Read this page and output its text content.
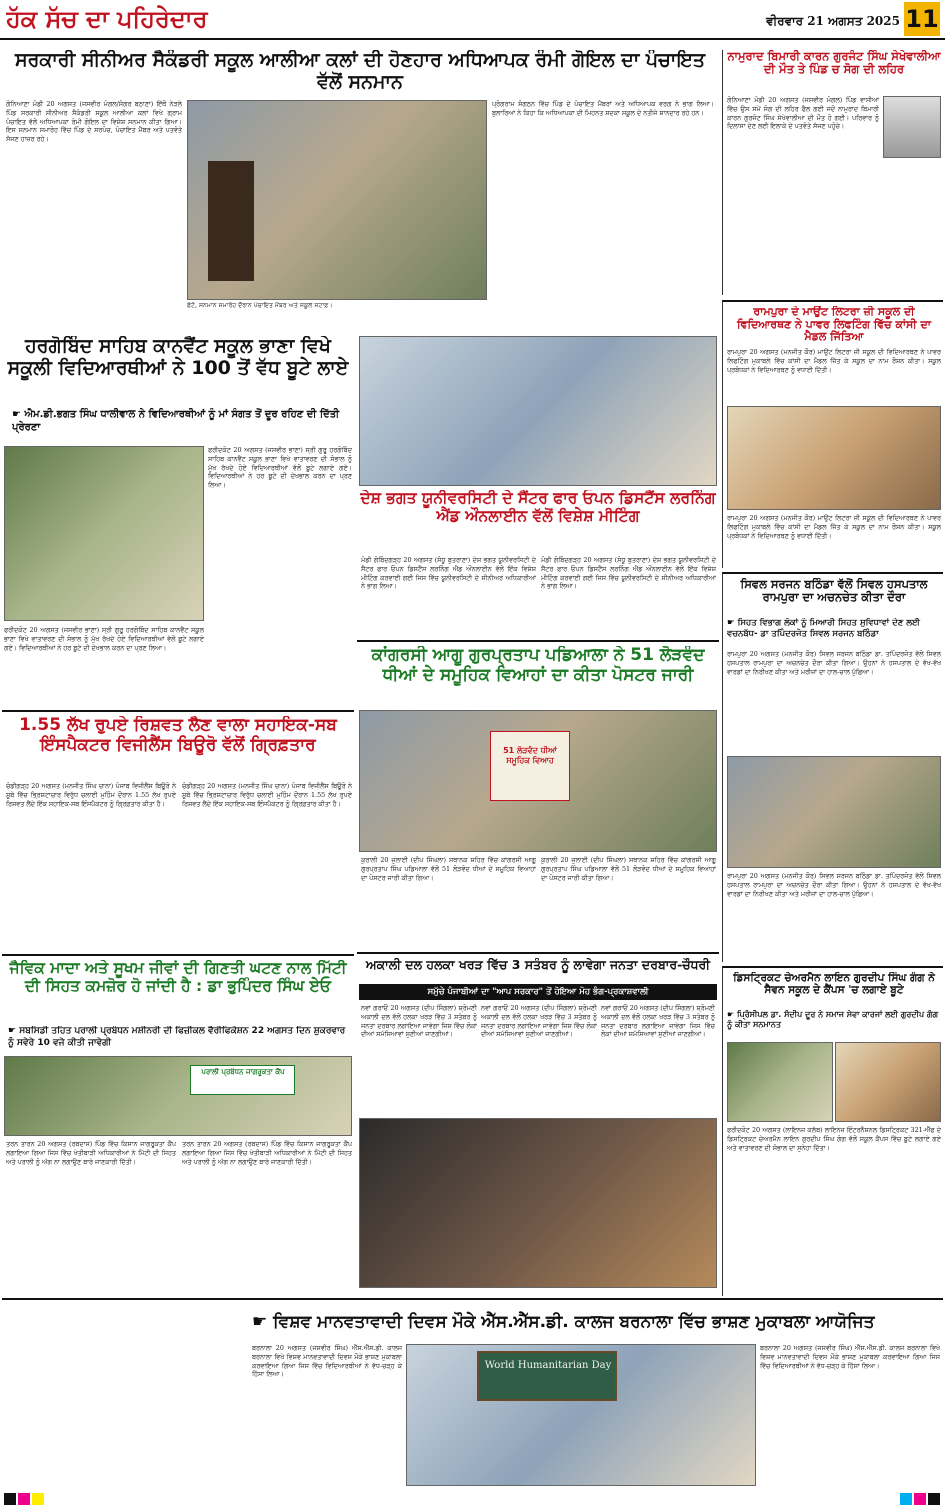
ਹੱਕ ਸੱਚ ਦਾ ਪਹਿਰੇਦਾਰ	ਵੀਰਵਾਰ 21 ਅਗਸਤ 2025 11
ਸਰਕਾਰੀ ਸੀਨੀਅਰ ਸੈਕੰਡਰੀ ਸਕੂਲ ਆਲੀਆ ਕਲਾਂ ਦੀ ਹੋਣਹਾਰ ਅਧਿਆਪਕ ਰੰਮੀ ਗੋਇਲ ਦਾ ਪੰਚਾਇਤ ਵੱਲੋਂ ਸਨਮਾਨ
ਗੋਨਿਆਣਾ ਮੰਡੀ 20 ਅਗਸਤ (ਜਸਵੀਰ ਮੰਗਲ/ਸੰਗਰ ਬਠਾਣਾ) ਇੱਥੋਂ ਨੇੜਲੇ ਪਿੰਡ ਸਰਕਾਰੀ ਸੀਨੀਅਰ ਸੈਕੰਡਰੀ ਸਕੂਲ ਆਲੀਆ ਕਲਾਂ ਵਿਖੇ ਗ੍ਰਾਮ ਪੰਚਾਇਤ ਵੱਲੋਂ ਅਧਿਆਪਕਾ ਰੰਮੀ ਗੋਇਲ ਦਾ ਵਿਸ਼ੇਸ਼ ਸਨਮਾਨ ਕੀਤਾ ਗਿਆ। ਇਸ ਸਨਮਾਨ ਸਮਾਰੋਹ ਵਿੱਚ ਪਿੰਡ ਦੇ ਸਰਪੰਚ, ਪੰਚਾਇਤ ਮੈਂਬਰ ਅਤੇ ਪਤਵੰਤੇ ਸੱਜਣ ਹਾਜ਼ਰ ਰਹੇ।
ਫੋਟੋ, ਸਨਮਾਨ ਸਮਾਰੋਹ ਦੌਰਾਨ ਪੰਚਾਇਤ ਮੈਂਬਰ ਅਤੇ ਸਕੂਲ ਸਟਾਫ਼।
ਪ੍ਰੋਗਰਾਮ ਸੰਗਠਨ ਵਿੱਚ ਪਿੰਡ ਦੇ ਪੰਚਾਇਤ ਮੈਂਬਰਾਂ ਅਤੇ ਅਧਿਆਪਕ ਵਰਗ ਨੇ ਭਾਗ ਲਿਆ। ਬੁਲਾਰਿਆਂ ਨੇ ਕਿਹਾ ਕਿ ਅਧਿਆਪਕਾ ਦੀ ਮਿਹਨਤ ਸਦਕਾ ਸਕੂਲ ਦੇ ਨਤੀਜੇ ਸ਼ਾਨਦਾਰ ਰਹੇ ਹਨ।
ਨਾਮੁਰਾਦ ਬਿਮਾਰੀ ਕਾਰਨ ਗੁਰਜੰਟ ਸਿੰਘ ਸੇਖੇਵਾਲੀਆ ਦੀ ਮੌਤ ਤੇ ਪਿੰਡ ਚ ਸੋਗ ਦੀ ਲਹਿਰ
ਗੋਨਿਆਣਾ ਮੰਡੀ 20 ਅਗਸਤ (ਜਸਵੀਰ ਮੰਗਲ) ਪਿੰਡ ਵਾਸੀਆਂ ਵਿੱਚ ਉਸ ਸਮੇਂ ਸੋਗ ਦੀ ਲਹਿਰ ਫੈਲ ਗਈ ਜਦੋਂ ਨਾਮੁਰਾਦ ਬਿਮਾਰੀ ਕਾਰਨ ਗੁਰਜੰਟ ਸਿੰਘ ਸੇਖੇਵਾਲੀਆ ਦੀ ਮੌਤ ਹੋ ਗਈ। ਪਰਿਵਾਰ ਨੂੰ ਦਿਲਾਸਾ ਦੇਣ ਲਈ ਇਲਾਕੇ ਦੇ ਪਤਵੰਤੇ ਸੱਜਣ ਪਹੁੰਚੇ।
ਹਰਗੋਬਿੰਦ ਸਾਹਿਬ ਕਾਨਵੈਂਟ ਸਕੂਲ ਭਾਣਾ ਵਿਖੇ ਸਕੂਲੀ ਵਿਦਿਆਰਥੀਆਂ ਨੇ 100 ਤੋਂ ਵੱਧ ਬੂਟੇ ਲਾਏ
☛ ਐਮ.ਡੀ.ਭਗਤ ਸਿੰਘ ਧਾਲੀਵਾਲ ਨੇ ਵਿਦਿਆਰਥੀਆਂ ਨੂੰ ਮਾਂ ਸੰਗਤ ਤੋਂ ਦੂਰ ਰਹਿਣ ਦੀ ਦਿੱਤੀ ਪ੍ਰੇਰਣਾ
ਫਰੀਦਕੋਟ 20 ਅਗਸਤ (ਜਸਵੀਰ ਭਾਣਾ) ਸ੍ਰੀ ਗੁਰੂ ਹਰਗੋਬਿੰਦ ਸਾਹਿਬ ਕਾਨਵੈਂਟ ਸਕੂਲ ਭਾਣਾ ਵਿਖੇ ਵਾਤਾਵਰਣ ਦੀ ਸੰਭਾਲ ਨੂੰ ਮੁੱਖ ਰੱਖਦੇ ਹੋਏ ਵਿਦਿਆਰਥੀਆਂ ਵੱਲੋਂ ਬੂਟੇ ਲਗਾਏ ਗਏ। ਵਿਦਿਆਰਥੀਆਂ ਨੇ ਹਰ ਬੂਟੇ ਦੀ ਦੇਖਭਾਲ ਕਰਨ ਦਾ ਪ੍ਰਣ ਲਿਆ।
ਫਰੀਦਕੋਟ 20 ਅਗਸਤ (ਜਸਵੀਰ ਭਾਣਾ) ਸ੍ਰੀ ਗੁਰੂ ਹਰਗੋਬਿੰਦ ਸਾਹਿਬ ਕਾਨਵੈਂਟ ਸਕੂਲ ਭਾਣਾ ਵਿਖੇ ਵਾਤਾਵਰਣ ਦੀ ਸੰਭਾਲ ਨੂੰ ਮੁੱਖ ਰੱਖਦੇ ਹੋਏ ਵਿਦਿਆਰਥੀਆਂ ਵੱਲੋਂ ਬੂਟੇ ਲਗਾਏ ਗਏ। ਵਿਦਿਆਰਥੀਆਂ ਨੇ ਹਰ ਬੂਟੇ ਦੀ ਦੇਖਭਾਲ ਕਰਨ ਦਾ ਪ੍ਰਣ ਲਿਆ।
ਦੇਸ਼ ਭਗਤ ਯੂਨੀਵਰਸਿਟੀ ਦੇ ਸੈਂਟਰ ਫਾਰ ਓਪਨ ਡਿਸਟੈਂਸ ਲਰਨਿੰਗ ਐਂਡ ਔਨਲਾਈਨ ਵੱਲੋਂ ਵਿਸ਼ੇਸ਼ ਮੀਟਿੰਗ
ਮੰਡੀ ਗੋਬਿੰਦਗੜ੍ਹ 20 ਅਗਸਤ (ਸੰਧੂ ਬੁਤਰਾਣਾ) ਦੇਸ਼ ਭਗਤ ਯੂਨੀਵਰਸਿਟੀ ਦੇ ਸੈਂਟਰ ਫਾਰ ਓਪਨ ਡਿਸਟੈਂਸ ਲਰਨਿੰਗ ਐਂਡ ਔਨਲਾਈਨ ਵੱਲੋਂ ਇੱਕ ਵਿਸ਼ੇਸ਼ ਮੀਟਿੰਗ ਕਰਵਾਈ ਗਈ ਜਿਸ ਵਿੱਚ ਯੂਨੀਵਰਸਿਟੀ ਦੇ ਸੀਨੀਅਰ ਅਧਿਕਾਰੀਆਂ ਨੇ ਭਾਗ ਲਿਆ।
ਮੰਡੀ ਗੋਬਿੰਦਗੜ੍ਹ 20 ਅਗਸਤ (ਸੰਧੂ ਬੁਤਰਾਣਾ) ਦੇਸ਼ ਭਗਤ ਯੂਨੀਵਰਸਿਟੀ ਦੇ ਸੈਂਟਰ ਫਾਰ ਓਪਨ ਡਿਸਟੈਂਸ ਲਰਨਿੰਗ ਐਂਡ ਔਨਲਾਈਨ ਵੱਲੋਂ ਇੱਕ ਵਿਸ਼ੇਸ਼ ਮੀਟਿੰਗ ਕਰਵਾਈ ਗਈ ਜਿਸ ਵਿੱਚ ਯੂਨੀਵਰਸਿਟੀ ਦੇ ਸੀਨੀਅਰ ਅਧਿਕਾਰੀਆਂ ਨੇ ਭਾਗ ਲਿਆ।
ਰਾਮਪੁਰਾ ਦੇ ਮਾਉਂਟ ਲਿਟਰਾ ਜ਼ੀ ਸਕੂਲ ਦੀ ਵਿਦਿਆਰਥਣ ਨੇ ਪਾਵਰ ਲਿਫਟਿੰਗ ਵਿੱਚ ਕਾਂਸੀ ਦਾ ਮੈਡਲ ਜਿੱਤਿਆ
ਰਾਮਪੁਰਾ 20 ਅਗਸਤ (ਮਨਜੀਤ ਕੌਰ) ਮਾਉਂਟ ਲਿਟਰਾ ਜ਼ੀ ਸਕੂਲ ਦੀ ਵਿਦਿਆਰਥਣ ਨੇ ਪਾਵਰ ਲਿਫਟਿੰਗ ਮੁਕਾਬਲੇ ਵਿੱਚ ਕਾਂਸੀ ਦਾ ਮੈਡਲ ਜਿੱਤ ਕੇ ਸਕੂਲ ਦਾ ਨਾਮ ਰੌਸ਼ਨ ਕੀਤਾ। ਸਕੂਲ ਪ੍ਰਬੰਧਕਾਂ ਨੇ ਵਿਦਿਆਰਥਣ ਨੂੰ ਵਧਾਈ ਦਿੱਤੀ।
ਰਾਮਪੁਰਾ 20 ਅਗਸਤ (ਮਨਜੀਤ ਕੌਰ) ਮਾਉਂਟ ਲਿਟਰਾ ਜ਼ੀ ਸਕੂਲ ਦੀ ਵਿਦਿਆਰਥਣ ਨੇ ਪਾਵਰ ਲਿਫਟਿੰਗ ਮੁਕਾਬਲੇ ਵਿੱਚ ਕਾਂਸੀ ਦਾ ਮੈਡਲ ਜਿੱਤ ਕੇ ਸਕੂਲ ਦਾ ਨਾਮ ਰੌਸ਼ਨ ਕੀਤਾ। ਸਕੂਲ ਪ੍ਰਬੰਧਕਾਂ ਨੇ ਵਿਦਿਆਰਥਣ ਨੂੰ ਵਧਾਈ ਦਿੱਤੀ।
ਸਿਵਲ ਸਰਜਨ ਬਠਿੰਡਾ ਵੱਲੋਂ ਸਿਵਲ ਹਸਪਤਾਲ ਰਾਮਪੁਰਾ ਦਾ ਅਚਨਚੇਤ ਕੀਤਾ ਦੌਰਾ
☛ ਸਿਹਤ ਵਿਭਾਗ ਲੋਕਾਂ ਨੂੰ ਮਿਆਰੀ ਸਿਹਤ ਸੁਵਿਧਾਵਾਂ ਦੇਣ ਲਈ ਵਚਨਬੱਧ- ਡਾ ਤਪਿੰਦਰਜੋਤ ਸਿਵਲ ਸਰਜਨ ਬਠਿੰਡਾ
ਰਾਮਪੁਰਾ 20 ਅਗਸਤ (ਮਨਜੀਤ ਕੌਰ) ਸਿਵਲ ਸਰਜਨ ਬਠਿੰਡਾ ਡਾ. ਤਪਿੰਦਰਜੋਤ ਵੱਲੋਂ ਸਿਵਲ ਹਸਪਤਾਲ ਰਾਮਪੁਰਾ ਦਾ ਅਚਨਚੇਤ ਦੌਰਾ ਕੀਤਾ ਗਿਆ। ਉਹਨਾਂ ਨੇ ਹਸਪਤਾਲ ਦੇ ਵੱਖ-ਵੱਖ ਵਾਰਡਾਂ ਦਾ ਨਿਰੀਖਣ ਕੀਤਾ ਅਤੇ ਮਰੀਜ਼ਾਂ ਦਾ ਹਾਲ-ਚਾਲ ਪੁੱਛਿਆ।
ਰਾਮਪੁਰਾ 20 ਅਗਸਤ (ਮਨਜੀਤ ਕੌਰ) ਸਿਵਲ ਸਰਜਨ ਬਠਿੰਡਾ ਡਾ. ਤਪਿੰਦਰਜੋਤ ਵੱਲੋਂ ਸਿਵਲ ਹਸਪਤਾਲ ਰਾਮਪੁਰਾ ਦਾ ਅਚਨਚੇਤ ਦੌਰਾ ਕੀਤਾ ਗਿਆ। ਉਹਨਾਂ ਨੇ ਹਸਪਤਾਲ ਦੇ ਵੱਖ-ਵੱਖ ਵਾਰਡਾਂ ਦਾ ਨਿਰੀਖਣ ਕੀਤਾ ਅਤੇ ਮਰੀਜ਼ਾਂ ਦਾ ਹਾਲ-ਚਾਲ ਪੁੱਛਿਆ।
ਕਾਂਗਰਸੀ ਆਗੂ ਗੁਰਪ੍ਰਤਾਪ ਪਡਿਆਲਾ ਨੇ 51 ਲੋੜਵੰਦ ਧੀਆਂ ਦੇ ਸਮੂਹਿਕ ਵਿਆਹਾਂ ਦਾ ਕੀਤਾ ਪੋਸਟਰ ਜਾਰੀ
51 ਲੋੜਵੰਦ ਧੀਆਂ ਸਮੂਹਿਕ ਵਿਆਹ
ਕੁਰਾਲੀ 20 ਜੁਲਾਈ (ਦੀਪ ਸਿੰਘਲਾ) ਸਥਾਨਕ ਸ਼ਹਿਰ ਵਿੱਚ ਕਾਂਗਰਸੀ ਆਗੂ ਗੁਰਪ੍ਰਤਾਪ ਸਿੰਘ ਪਡਿਆਲਾ ਵੱਲੋਂ 51 ਲੋੜਵੰਦ ਧੀਆਂ ਦੇ ਸਮੂਹਿਕ ਵਿਆਹਾਂ ਦਾ ਪੋਸਟਰ ਜਾਰੀ ਕੀਤਾ ਗਿਆ।
ਕੁਰਾਲੀ 20 ਜੁਲਾਈ (ਦੀਪ ਸਿੰਘਲਾ) ਸਥਾਨਕ ਸ਼ਹਿਰ ਵਿੱਚ ਕਾਂਗਰਸੀ ਆਗੂ ਗੁਰਪ੍ਰਤਾਪ ਸਿੰਘ ਪਡਿਆਲਾ ਵੱਲੋਂ 51 ਲੋੜਵੰਦ ਧੀਆਂ ਦੇ ਸਮੂਹਿਕ ਵਿਆਹਾਂ ਦਾ ਪੋਸਟਰ ਜਾਰੀ ਕੀਤਾ ਗਿਆ।
1.55 ਲੱਖ ਰੁਪਏ ਰਿਸ਼ਵਤ ਲੈਣ ਵਾਲਾ ਸਹਾਇਕ-ਸਬ ਇੰਸਪੈਕਟਰ ਵਿਜੀਲੈਂਸ ਬਿਊਰੋ ਵੱਲੋਂ ਗ੍ਰਿਫ਼ਤਾਰ
ਚੰਡੀਗੜ੍ਹ 20 ਅਗਸਤ (ਮਨਜੀਤ ਸਿੰਘ ਚਾਨਾ) ਪੰਜਾਬ ਵਿਜੀਲੈਂਸ ਬਿਊਰੋ ਨੇ ਸੂਬੇ ਵਿੱਚ ਭ੍ਰਿਸ਼ਟਾਚਾਰ ਵਿਰੁੱਧ ਚਲਾਈ ਮੁਹਿੰਮ ਦੌਰਾਨ 1.55 ਲੱਖ ਰੁਪਏ ਰਿਸ਼ਵਤ ਲੈਂਦੇ ਇੱਕ ਸਹਾਇਕ-ਸਬ ਇੰਸਪੈਕਟਰ ਨੂੰ ਗ੍ਰਿਫ਼ਤਾਰ ਕੀਤਾ ਹੈ।
ਚੰਡੀਗੜ੍ਹ 20 ਅਗਸਤ (ਮਨਜੀਤ ਸਿੰਘ ਚਾਨਾ) ਪੰਜਾਬ ਵਿਜੀਲੈਂਸ ਬਿਊਰੋ ਨੇ ਸੂਬੇ ਵਿੱਚ ਭ੍ਰਿਸ਼ਟਾਚਾਰ ਵਿਰੁੱਧ ਚਲਾਈ ਮੁਹਿੰਮ ਦੌਰਾਨ 1.55 ਲੱਖ ਰੁਪਏ ਰਿਸ਼ਵਤ ਲੈਂਦੇ ਇੱਕ ਸਹਾਇਕ-ਸਬ ਇੰਸਪੈਕਟਰ ਨੂੰ ਗ੍ਰਿਫ਼ਤਾਰ ਕੀਤਾ ਹੈ।
ਜੈਵਿਕ ਮਾਦਾ ਅਤੇ ਸੂਖਮ ਜੀਵਾਂ ਦੀ ਗਿਣਤੀ ਘਟਣ ਨਾਲ ਮਿੱਟੀ ਦੀ ਸਿਹਤ ਕਮਜ਼ੋਰ ਹੋ ਜਾਂਦੀ ਹੈ : ਡਾ ਭੁਪਿੰਦਰ ਸਿੰਘ ਏਓ
☛ ਸਬਸਿਡੀ ਤਹਿਤ ਪਰਾਲੀ ਪ੍ਰਬੰਧਨ ਮਸ਼ੀਨਰੀ ਦੀ ਫਿਜ਼ੀਕਲ ਵੈਰੀਫਿਕੇਸ਼ਨ 22 ਅਗਸਤ ਦਿਨ ਸ਼ੁਕਰਵਾਰ ਨੂੰ ਸਵੇਰੇ 10 ਵਜੇ ਕੀਤੀ ਜਾਵੇਗੀ
ਪਰਾਲੀ ਪ੍ਰਬੰਧਨ ਜਾਗਰੂਕਤਾ ਕੈਂਪ
ਤਰਨ ਤਾਰਨ 20 ਅਗਸਤ (ਰਬਦਾਸ) ਪਿੰਡ ਵਿੱਚ ਕਿਸਾਨ ਜਾਗਰੂਕਤਾ ਕੈਂਪ ਲਗਾਇਆ ਗਿਆ ਜਿਸ ਵਿੱਚ ਖੇਤੀਬਾੜੀ ਅਧਿਕਾਰੀਆਂ ਨੇ ਮਿੱਟੀ ਦੀ ਸਿਹਤ ਅਤੇ ਪਰਾਲੀ ਨੂੰ ਅੱਗ ਨਾ ਲਗਾਉਣ ਬਾਰੇ ਜਾਣਕਾਰੀ ਦਿੱਤੀ।
ਤਰਨ ਤਾਰਨ 20 ਅਗਸਤ (ਰਬਦਾਸ) ਪਿੰਡ ਵਿੱਚ ਕਿਸਾਨ ਜਾਗਰੂਕਤਾ ਕੈਂਪ ਲਗਾਇਆ ਗਿਆ ਜਿਸ ਵਿੱਚ ਖੇਤੀਬਾੜੀ ਅਧਿਕਾਰੀਆਂ ਨੇ ਮਿੱਟੀ ਦੀ ਸਿਹਤ ਅਤੇ ਪਰਾਲੀ ਨੂੰ ਅੱਗ ਨਾ ਲਗਾਉਣ ਬਾਰੇ ਜਾਣਕਾਰੀ ਦਿੱਤੀ।
ਅਕਾਲੀ ਦਲ ਹਲਕਾ ਖਰੜ ਵਿੱਚ 3 ਸਤੰਬਰ ਨੂੰ ਲਾਵੇਗਾ ਜਨਤਾ ਦਰਬਾਰ-ਚੌਧਰੀ
ਸਮੁੱਚੇ ਪੰਜਾਬੀਆਂ ਦਾ "ਆਪ ਸਰਕਾਰ" ਤੋਂ ਹੋਇਆ ਮੋਹ ਭੰਗ-ਪ੍ਰਕਾਸ਼ਵਾਲੀ
ਨਵਾਂ ਗਰਾਓਂ 20 ਅਗਸਤ (ਦੀਪ ਸਿੰਗਲਾ) ਸ਼੍ਰੋਮਣੀ ਅਕਾਲੀ ਦਲ ਵੱਲੋਂ ਹਲਕਾ ਖਰੜ ਵਿੱਚ 3 ਸਤੰਬਰ ਨੂੰ ਜਨਤਾ ਦਰਬਾਰ ਲਗਾਇਆ ਜਾਵੇਗਾ ਜਿਸ ਵਿੱਚ ਲੋਕਾਂ ਦੀਆਂ ਸਮੱਸਿਆਵਾਂ ਸੁਣੀਆਂ ਜਾਣਗੀਆਂ।
ਨਵਾਂ ਗਰਾਓਂ 20 ਅਗਸਤ (ਦੀਪ ਸਿੰਗਲਾ) ਸ਼੍ਰੋਮਣੀ ਅਕਾਲੀ ਦਲ ਵੱਲੋਂ ਹਲਕਾ ਖਰੜ ਵਿੱਚ 3 ਸਤੰਬਰ ਨੂੰ ਜਨਤਾ ਦਰਬਾਰ ਲਗਾਇਆ ਜਾਵੇਗਾ ਜਿਸ ਵਿੱਚ ਲੋਕਾਂ ਦੀਆਂ ਸਮੱਸਿਆਵਾਂ ਸੁਣੀਆਂ ਜਾਣਗੀਆਂ।
ਨਵਾਂ ਗਰਾਓਂ 20 ਅਗਸਤ (ਦੀਪ ਸਿੰਗਲਾ) ਸ਼੍ਰੋਮਣੀ ਅਕਾਲੀ ਦਲ ਵੱਲੋਂ ਹਲਕਾ ਖਰੜ ਵਿੱਚ 3 ਸਤੰਬਰ ਨੂੰ ਜਨਤਾ ਦਰਬਾਰ ਲਗਾਇਆ ਜਾਵੇਗਾ ਜਿਸ ਵਿੱਚ ਲੋਕਾਂ ਦੀਆਂ ਸਮੱਸਿਆਵਾਂ ਸੁਣੀਆਂ ਜਾਣਗੀਆਂ।
ਡਿਸਟ੍ਰਿਕਟ ਚੇਅਰਮੈਨ ਲਾਇਨ ਗੁਰਦੀਪ ਸਿੰਘ ਗੰਗ ਨੇ ਸੈਵਨ ਸਕੂਲ ਦੇ ਕੈਂਪਸ 'ਚ ਲਗਾਏ ਬੂਟੇ
☛ ਪ੍ਰਿੰਸੀਪਲ ਡਾ. ਸੰਦੀਪ ਦੂਰ ਨੇ ਸਮਾਜ ਸੇਵਾ ਕਾਰਜਾਂ ਲਈ ਗੁਰਦੀਪ ਗੰਗ ਨੂੰ ਕੀਤਾ ਸਨਮਾਨਤ
ਫਰੀਦਕੋਟ 20 ਅਗਸਤ (ਲਾਇਨਜ਼ ਕਲੱਬ) ਲਾਇਨਜ਼ ਇੰਟਰਨੈਸ਼ਨਲ ਡਿਸਟ੍ਰਿਕਟ 321-ਐੱਫ ਦੇ ਡਿਸਟ੍ਰਿਕਟ ਚੇਅਰਮੈਨ ਲਾਇਨ ਗੁਰਦੀਪ ਸਿੰਘ ਗੰਗ ਵੱਲੋਂ ਸਕੂਲ ਕੈਂਪਸ ਵਿੱਚ ਬੂਟੇ ਲਗਾਏ ਗਏ ਅਤੇ ਵਾਤਾਵਰਣ ਦੀ ਸੰਭਾਲ ਦਾ ਸੁਨੇਹਾ ਦਿੱਤਾ।
☛ ਵਿਸ਼ਵ ਮਾਨਵਤਾਵਾਦੀ ਦਿਵਸ ਮੌਕੇ ਐੱਸ.ਐੱਸ.ਡੀ. ਕਾਲਜ ਬਰਨਾਲਾ ਵਿੱਚ ਭਾਸ਼ਣ ਮੁਕਾਬਲਾ ਆਯੋਜਿਤ
ਬਰਨਾਲਾ 20 ਅਗਸਤ (ਜਸਵੀਰ ਸਿੰਘ) ਐੱਸ.ਐੱਸ.ਡੀ. ਕਾਲਜ ਬਰਨਾਲਾ ਵਿਖੇ ਵਿਸ਼ਵ ਮਾਨਵਤਾਵਾਦੀ ਦਿਵਸ ਮੌਕੇ ਭਾਸ਼ਣ ਮੁਕਾਬਲਾ ਕਰਵਾਇਆ ਗਿਆ ਜਿਸ ਵਿੱਚ ਵਿਦਿਆਰਥੀਆਂ ਨੇ ਵੱਧ-ਚੜ੍ਹ ਕੇ ਹਿੱਸਾ ਲਿਆ।
World Humanitarian Day
ਬਰਨਾਲਾ 20 ਅਗਸਤ (ਜਸਵੀਰ ਸਿੰਘ) ਐੱਸ.ਐੱਸ.ਡੀ. ਕਾਲਜ ਬਰਨਾਲਾ ਵਿਖੇ ਵਿਸ਼ਵ ਮਾਨਵਤਾਵਾਦੀ ਦਿਵਸ ਮੌਕੇ ਭਾਸ਼ਣ ਮੁਕਾਬਲਾ ਕਰਵਾਇਆ ਗਿਆ ਜਿਸ ਵਿੱਚ ਵਿਦਿਆਰਥੀਆਂ ਨੇ ਵੱਧ-ਚੜ੍ਹ ਕੇ ਹਿੱਸਾ ਲਿਆ।
